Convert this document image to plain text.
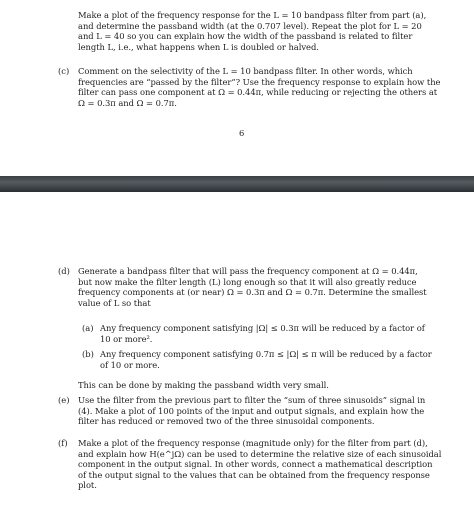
Make a plot of the frequency response for the L = 10 bandpass filter from part (a),
and determine the passband width (at the 0.707 level). Repeat the plot for L = 20
and L = 40 so you can explain how the width of the passband is related to filter
length L, i.e., what happens when L is doubled or halved.
(c) Comment on the selectivity of the L = 10 bandpass filter. In other words, which
frequencies are “passed by the filter”? Use the frequency response to explain how the
filter can pass one component at Ω = 0.44π, while reducing or rejecting the others at
Ω = 0.3π and Ω = 0.7π.
6
(d) Generate a bandpass filter that will pass the frequency component at Ω = 0.44π,
but now make the filter length (L) long enough so that it will also greatly reduce
frequency components at (or near) Ω = 0.3π and Ω = 0.7π. Determine the smallest
value of L so that
(a) Any frequency component satisfying |Ω| ≤ 0.3π will be reduced by a factor of
10 or more².
(b) Any frequency component satisfying 0.7π ≤ |Ω| ≤ π will be reduced by a factor
of 10 or more.
This can be done by making the passband width very small.
(e) Use the filter from the previous part to filter the “sum of three sinusoids” signal in
(4). Make a plot of 100 points of the input and output signals, and explain how the
filter has reduced or removed two of the three sinusoidal components.
(f) Make a plot of the frequency response (magnitude only) for the filter from part (d),
and explain how H(e^jΩ) can be used to determine the relative size of each sinusoidal
component in the output signal. In other words, connect a mathematical description
of the output signal to the values that can be obtained from the frequency response
plot.
